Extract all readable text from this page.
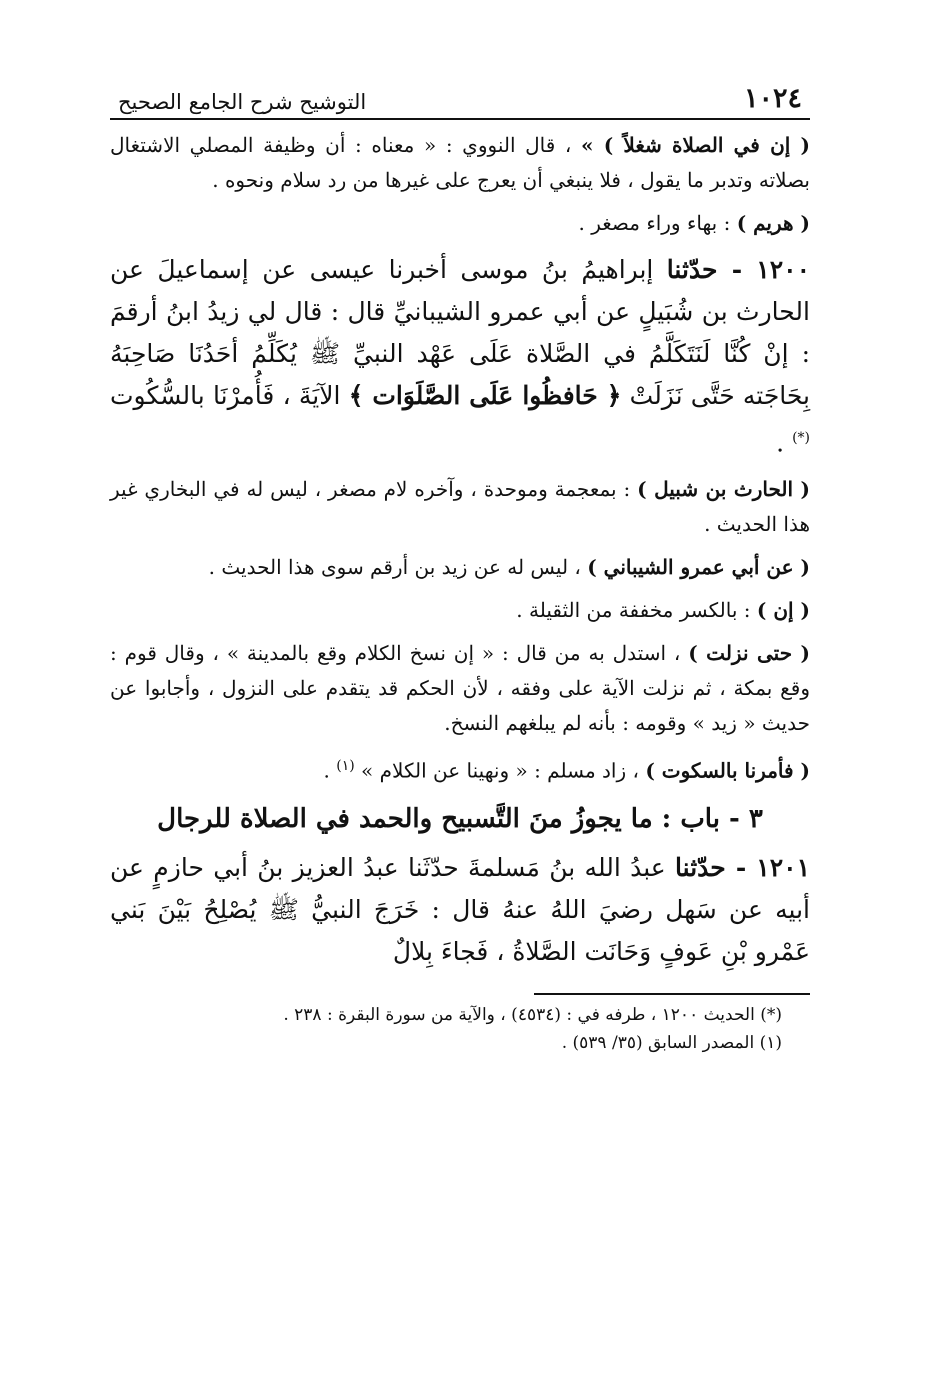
١٠٢٤
التوشيح شرح الجامع الصحيح

( إن في الصلاة شغلاً ) » ، قال النووي : « معناه : أن وظيفة المصلي الاشتغال بصلاته وتدبر ما يقول ، فلا ينبغي أن يعرج على غيرها من رد سلام ونحوه .

( هريم ) : بهاء وراء مصغر .

١٢٠٠ - حدّثنا إبراهيمُ بنُ موسى أخبرنا عيسى عن إسماعيلَ عن الحارث بن شُبَيلٍ عن أبي عمرو الشيبانيِّ قال : قال لي زيدُ ابنُ أرقمَ : إنْ كُنَّا لَنَتَكَلَّمُ في الصَّلاة عَلَى عَهْد النبيِّ ﷺ يُكَلِّمُ أحَدُنَا صَاحِبَهُ بِحَاجَته حَتَّى نَزَلَتْ ﴿ حَافظُوا عَلَى الصَّلَوَات ﴾ الآيَةَ ، فَأُمرْنَا بالسُّكُوت (*) .

( الحارث بن شبيل ) : بمعجمة وموحدة ، وآخره لام مصغر ، ليس له في البخاري غير هذا الحديث .

( عن أبي عمرو الشيباني ) ، ليس له عن زيد بن أرقم سوى هذا الحديث .

( إن ) : بالكسر مخففة من الثقيلة .

( حتى نزلت ) ، استدل به من قال : « إن نسخ الكلام وقع بالمدينة » ، وقال قوم : وقع بمكة ، ثم نزلت الآية على وفقه ، لأن الحكم قد يتقدم على النزول ، وأجابوا عن حديث « زيد » وقومه : بأنه لم يبلغهم النسخ.

( فأمرنا بالسكوت ) ، زاد مسلم : « ونهينا عن الكلام » $^{(١)}$ .

٣ - باب : ما يجوزُ منَ التَّسبيح والحمد في الصلاة للرجال

١٢٠١ - حدّثنا عبدُ الله بنُ مَسلمةَ حدّثَنا عبدُ العزيز بنُ أبي حازمٍ عن أبيه عن سَهل رضيَ اللهُ عنهُ قال : خَرَجَ النبيُّ ﷺ يُصْلِحُ بَيْنَ بَني عَمْرو بْنِ عَوفٍ وَحَانَت الصَّلاةُ ، فَجاءَ بِلالٌ

(*) الحديث ١٢٠٠ ، طرفه في : (٤٥٣٤) ، والآية من سورة البقرة : ٢٣٨ .

(١) المصدر السابق (٣٥/ ٥٣٩) .
